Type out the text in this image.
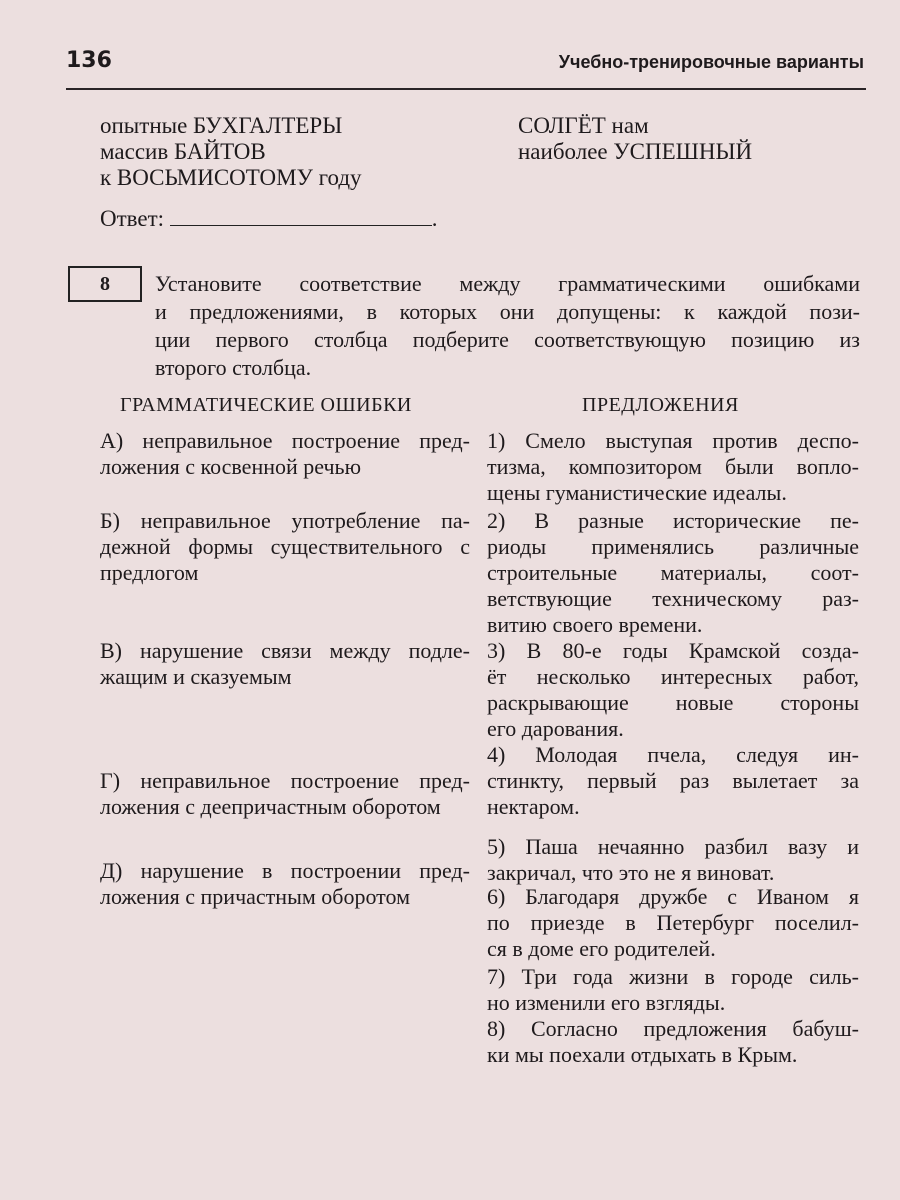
136	Учебно-тренировочные варианты
опытные БУХГАЛТЕРЫ
массив БАЙТОВ
к ВОСЬМИСОТОМУ году
СОЛГЁТ нам
наиболее УСПЕШНЫЙ
Ответ:	.
8	Установите соответствие между грамматическими ошибками
и предложениями, в которых они допущены: к каждой пози-
ции первого столбца подберите соответствующую позицию из
второго столбца.
ГРАММАТИЧЕСКИЕ ОШИБКИ	ПРЕДЛОЖЕНИЯ
А) неправильное построение пред-
ложения с косвенной речью
Б) неправильное употребление па-
дежной формы существительного с
предлогом
В) нарушение связи между подле-
жащим и сказуемым
Г) неправильное построение пред-
ложения с деепричастным оборотом
Д) нарушение в построении пред-
ложения с причастным оборотом
1) Смело выступая против деспо-
тизма, композитором были вопло-
щены гуманистические идеалы.
2) В разные исторические пе-
риоды применялись различные
строительные материалы, соот-
ветствующие техническому раз-
витию своего времени.
3) В 80-е годы Крамской созда-
ёт несколько интересных работ,
раскрывающие новые стороны
его дарования.
4) Молодая пчела, следуя ин-
стинкту, первый раз вылетает за
нектаром.
5) Паша нечаянно разбил вазу и
закричал, что это не я виноват.
6) Благодаря дружбе с Иваном я
по приезде в Петербург поселил-
ся в доме его родителей.
7) Три года жизни в городе силь-
но изменили его взгляды.
8) Согласно предложения бабуш-
ки мы поехали отдыхать в Крым.
